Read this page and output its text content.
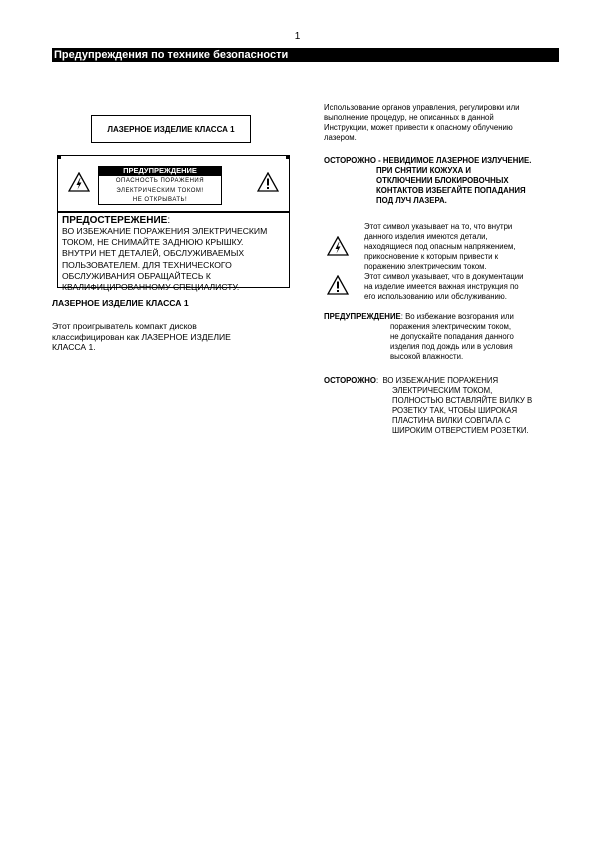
1
Предупреждения по технике безопасности
ЛАЗЕРНОЕ ИЗДЕЛИЕ КЛАССА 1
ПРЕДУПРЕЖДЕНИЕ
ОПАСНОСТЬ ПОРАЖЕНИЯ
ЭЛЕКТРИЧЕСКИМ ТОКОМ!
НЕ ОТКРЫВАТЬ!
ПРЕДОСТЕРЕЖЕНИЕ:
ВО ИЗБЕЖАНИЕ ПОРАЖЕНИЯ ЭЛЕКТРИЧЕСКИМ
ТОКОМ, НЕ СНИМАЙТЕ ЗАДНЮЮ КРЫШКУ.
ВНУТРИ НЕТ ДЕТАЛЕЙ, ОБСЛУЖИВАЕМЫХ
ПОЛЬЗОВАТЕЛЕМ. ДЛЯ ТЕХНИЧЕСКОГО
ОБСЛУЖИВАНИЯ ОБРАЩАЙТЕСЬ К
КВАЛИФИЦИРОВАННОМУ СПЕЦИАЛИСТУ.
ЛАЗЕРНОЕ ИЗДЕЛИЕ КЛАССА 1
Этот проигрыватель компакт дисков
классифицирован как ЛАЗЕРНОЕ ИЗДЕЛИЕ
КЛАССА 1.
Использование органов управления, регулировки или
выполнение процедур, не описанных в данной
Инструкции, может привести к опасному облучению
лазером.
ОСТОРОЖНО - НЕВИДИМОЕ ЛАЗЕРНОЕ ИЗЛУЧЕНИЕ.
ПРИ СНЯТИИ КОЖУХА И
ОТКЛЮЧЕНИИ БЛОКИРОВОЧНЫХ
КОНТАКТОВ ИЗБЕГАЙТЕ ПОПАДАНИЯ
ПОД ЛУЧ ЛАЗЕРА.
Этот символ указывает на то, что внутри
данного изделия имеются детали,
находящиеся под опасным напряжением,
прикосновение к которым привести к
поражению электрическим током.
Этот символ указывает, что в документации
на изделие имеется важная инструкция по
его использованию или обслуживанию.
ПРЕДУПРЕЖДЕНИЕ: Во избежание возгорания или
поражения электрическим током,
не допускайте попадания данного
изделия под дождь или в условия
высокой влажности.
ОСТОРОЖНО: ВО ИЗБЕЖАНИЕ ПОРАЖЕНИЯ
ЭЛЕКТРИЧЕСКИМ ТОКОМ,
ПОЛНОСТЬЮ ВСТАВЛЯЙТЕ ВИЛКУ В
РОЗЕТКУ ТАК, ЧТОБЫ ШИРОКАЯ
ПЛАСТИНА ВИЛКИ СОВПАЛА С
ШИРОКИМ ОТВЕРСТИЕМ РОЗЕТКИ.
